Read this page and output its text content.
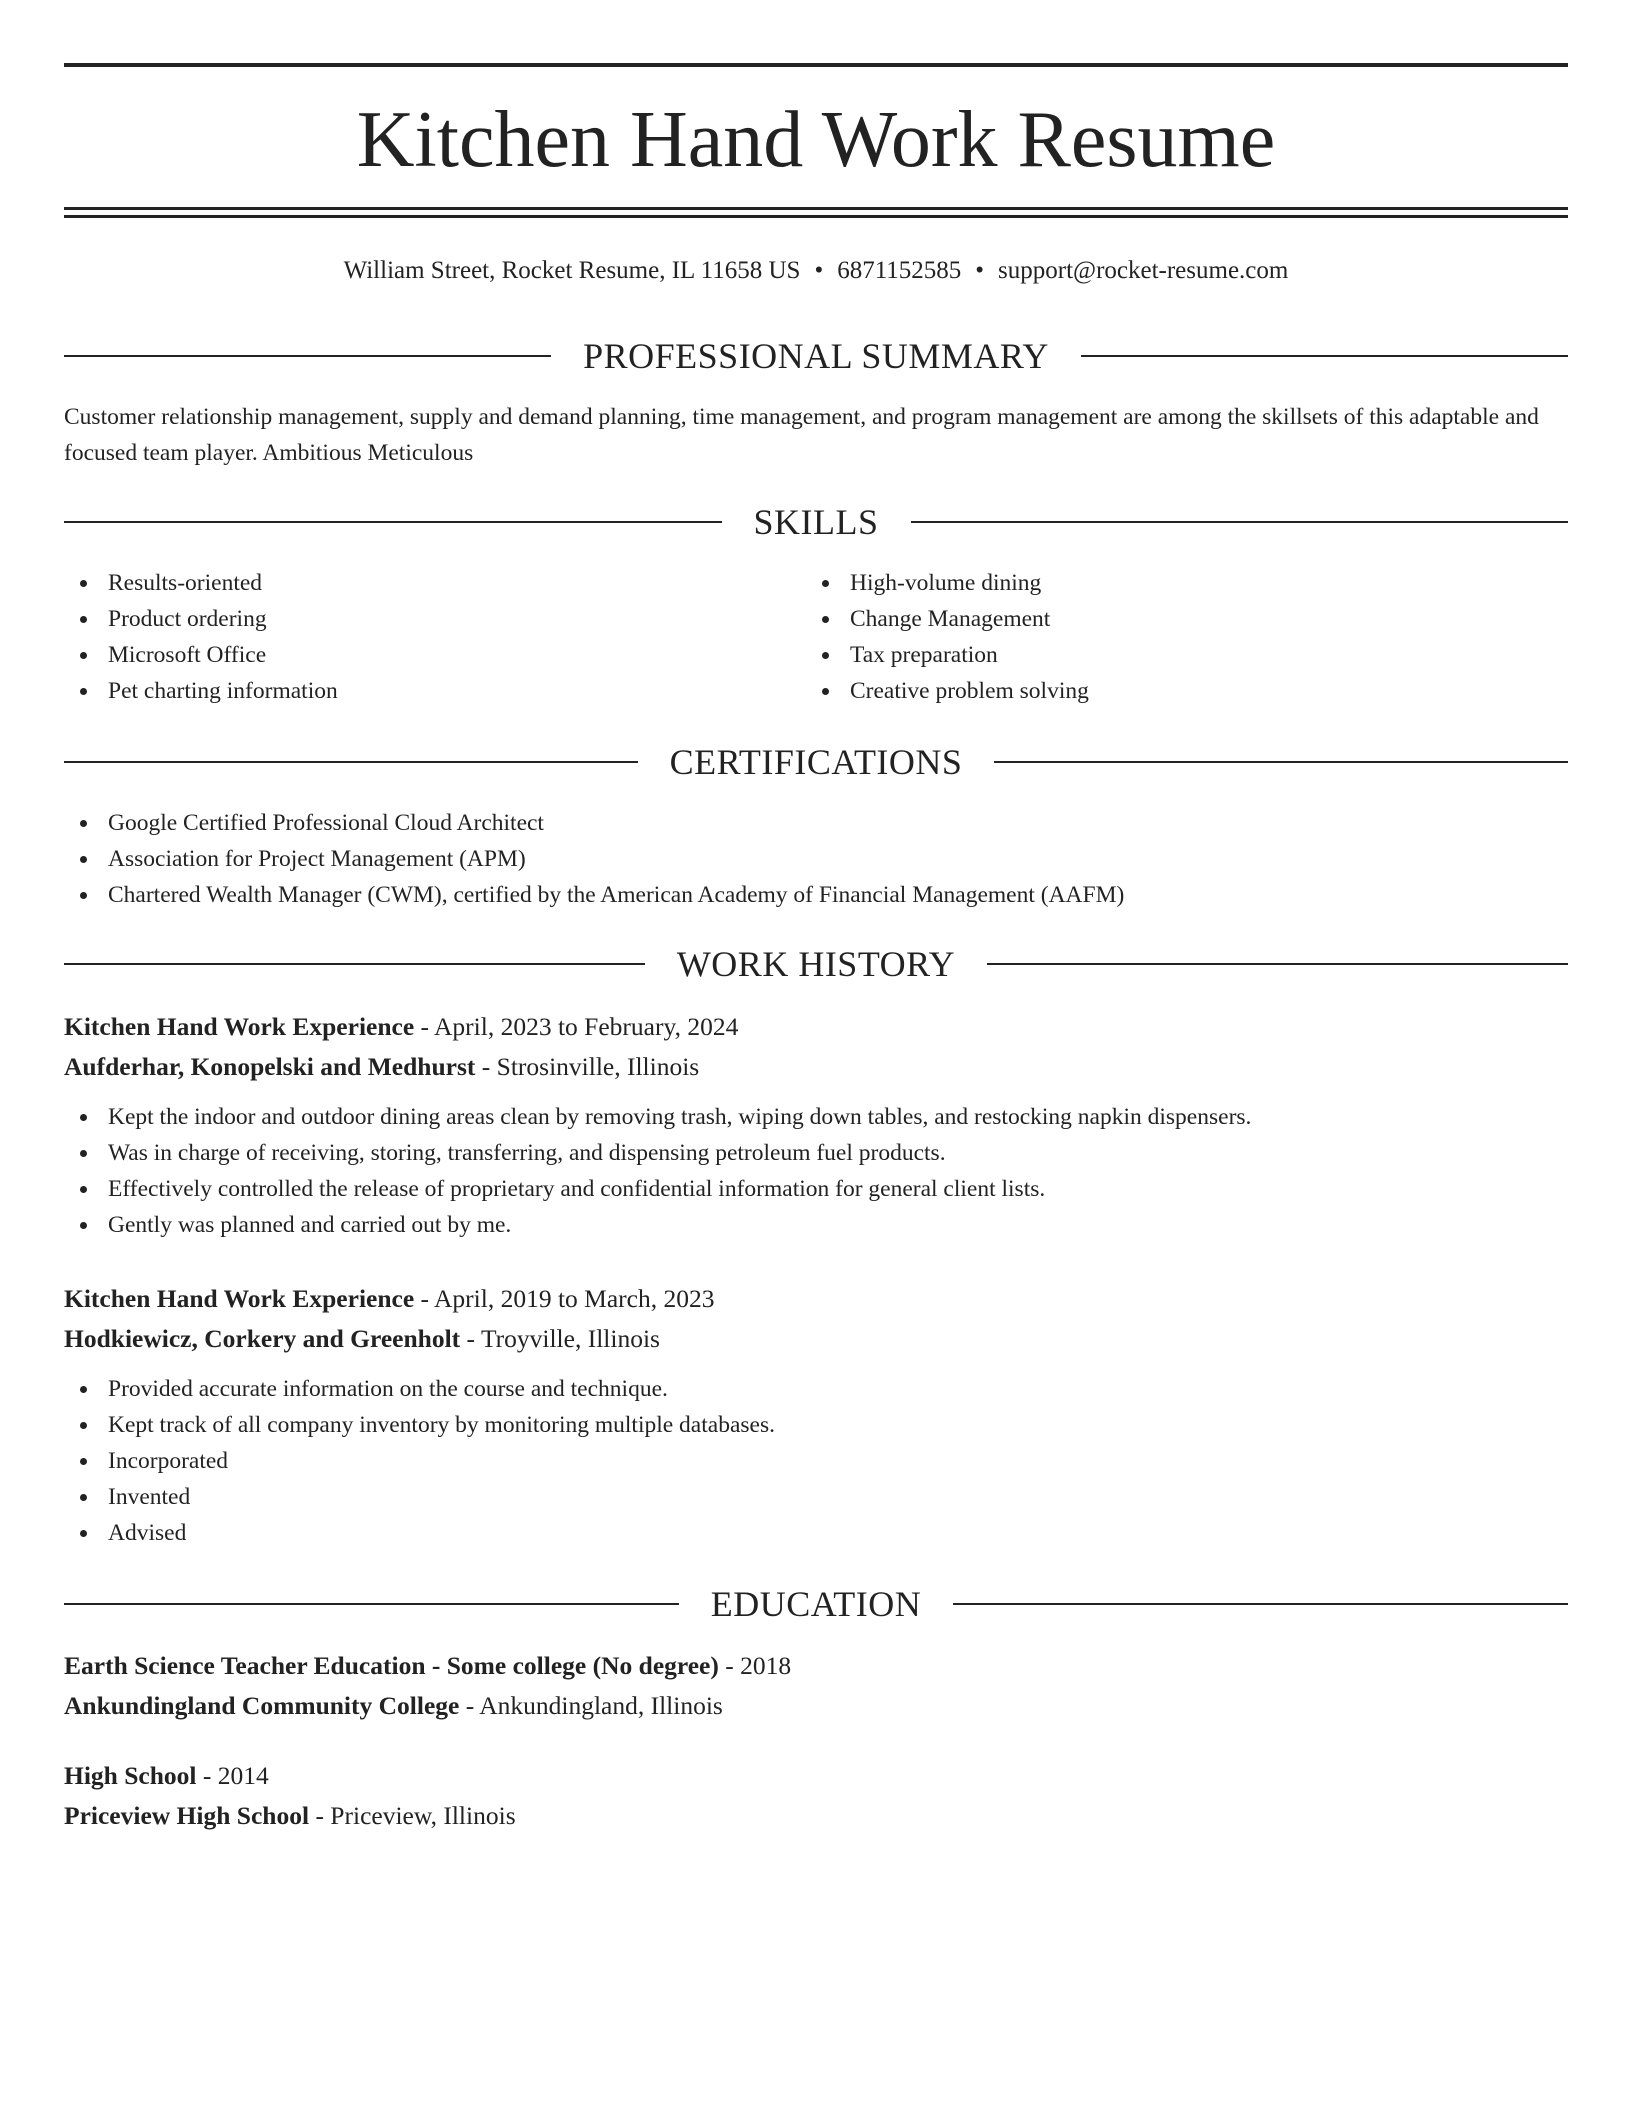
Kitchen Hand Work Resume
William Street, Rocket Resume, IL 11658 US • 6871152585 • support@rocket-resume.com
PROFESSIONAL SUMMARY
Customer relationship management, supply and demand planning, time management, and program management are among the skillsets of this adaptable and focused team player. Ambitious Meticulous
SKILLS
Results-oriented
Product ordering
Microsoft Office
Pet charting information
High-volume dining
Change Management
Tax preparation
Creative problem solving
CERTIFICATIONS
Google Certified Professional Cloud Architect
Association for Project Management (APM)
Chartered Wealth Manager (CWM), certified by the American Academy of Financial Management (AAFM)
WORK HISTORY
Kitchen Hand Work Experience - April, 2023 to February, 2024
Aufderhar, Konopelski and Medhurst - Strosinville, Illinois
Kept the indoor and outdoor dining areas clean by removing trash, wiping down tables, and restocking napkin dispensers.
Was in charge of receiving, storing, transferring, and dispensing petroleum fuel products.
Effectively controlled the release of proprietary and confidential information for general client lists.
Gently was planned and carried out by me.
Kitchen Hand Work Experience - April, 2019 to March, 2023
Hodkiewicz, Corkery and Greenholt - Troyville, Illinois
Provided accurate information on the course and technique.
Kept track of all company inventory by monitoring multiple databases.
Incorporated
Invented
Advised
EDUCATION
Earth Science Teacher Education - Some college (No degree) - 2018
Ankundingland Community College - Ankundingland, Illinois
High School - 2014
Priceview High School - Priceview, Illinois
